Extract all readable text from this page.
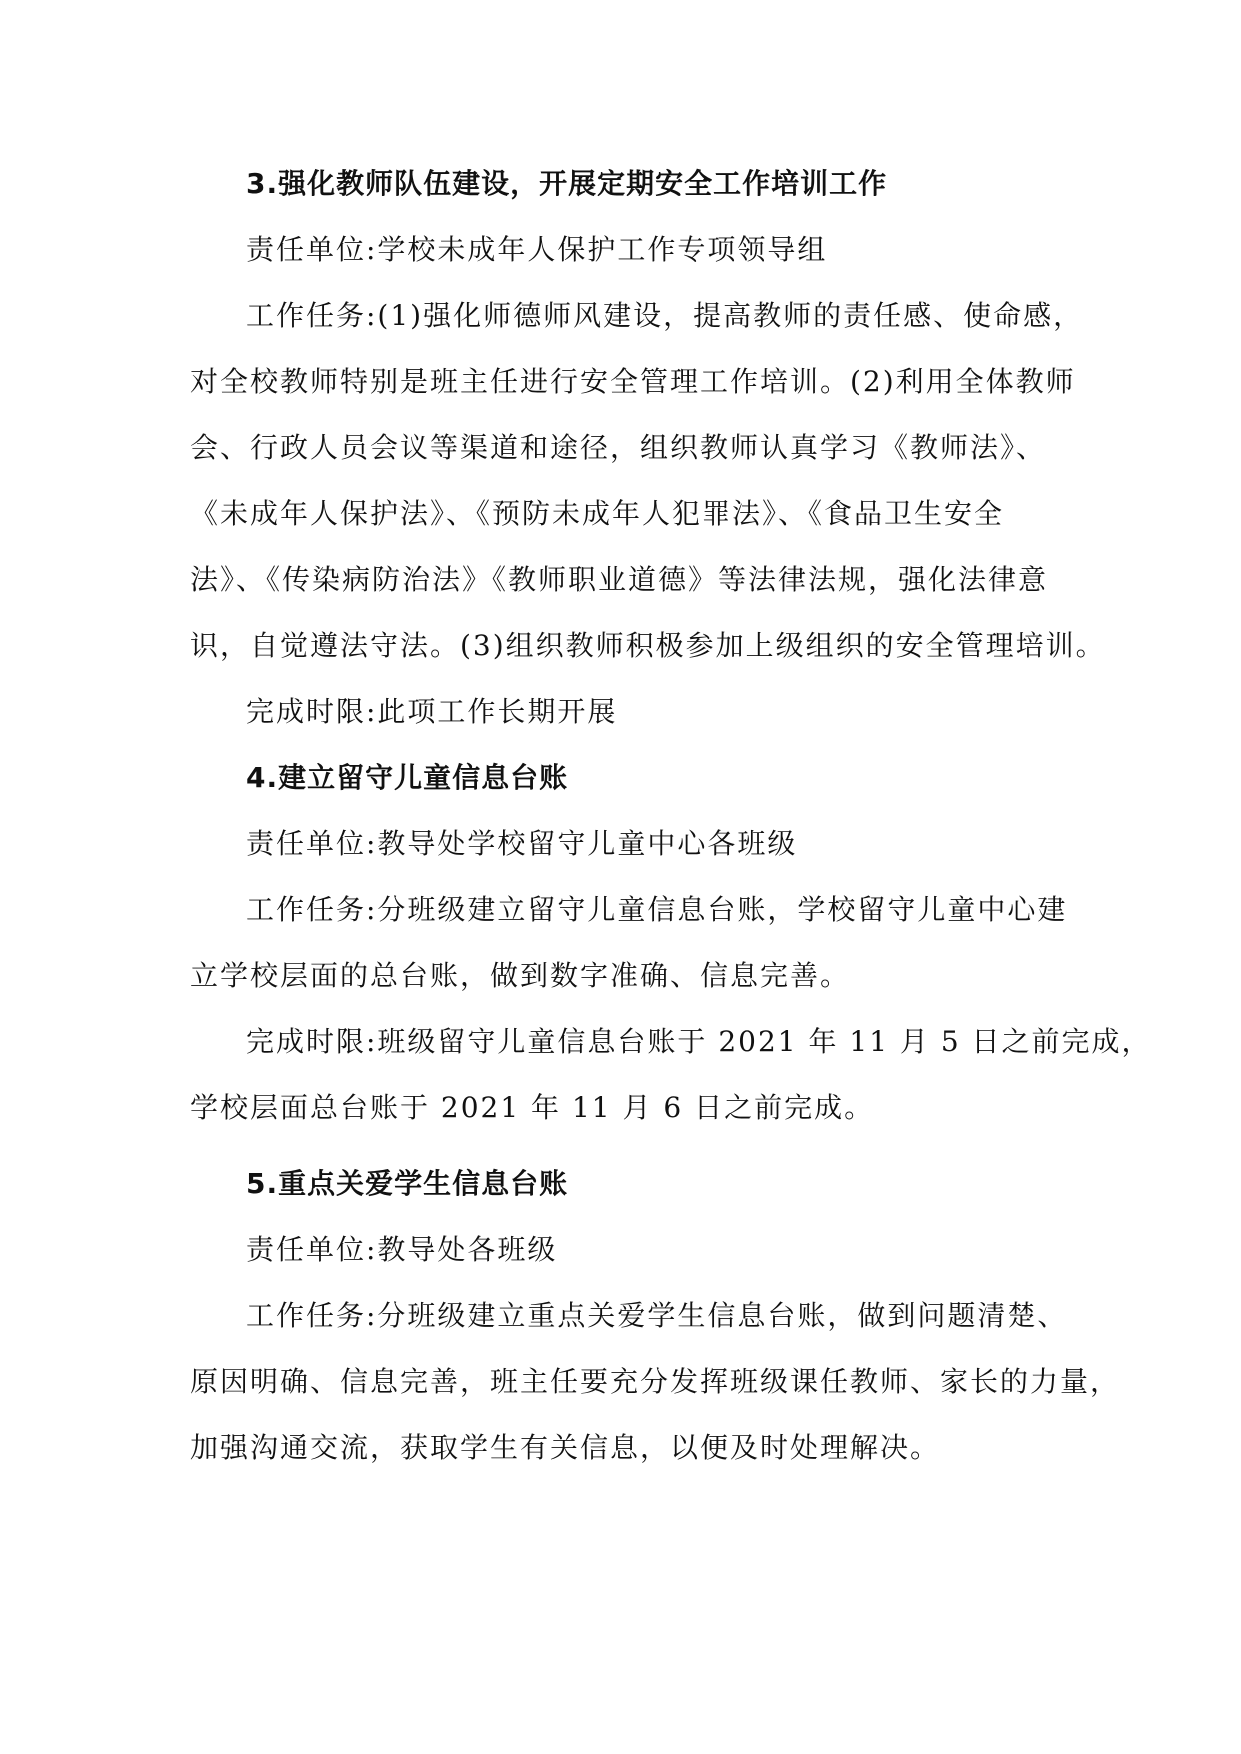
3.强化教师队伍建设，开展定期安全工作培训工作
责任单位:学校未成年人保护工作专项领导组
工作任务:(1)强化师德师风建设，提高教师的责任感、使命感，
对全校教师特别是班主任进行安全管理工作培训。(2)利用全体教师
会、行政人员会议等渠道和途径，组织教师认真学习《教师法》、
《未成年人保护法》、《预防未成年人犯罪法》、《食品卫生安全
法》、《传染病防治法》《教师职业道德》等法律法规，强化法律意
识，自觉遵法守法。(3)组织教师积极参加上级组织的安全管理培训。
完成时限:此项工作长期开展
4.建立留守儿童信息台账
责任单位:教导处学校留守儿童中心各班级
工作任务:分班级建立留守儿童信息台账，学校留守儿童中心建
立学校层面的总台账，做到数字准确、信息完善。
完成时限:班级留守儿童信息台账于 2021 年 11 月 5 日之前完成，
学校层面总台账于 2021 年 11 月 6 日之前完成。
5.重点关爱学生信息台账
责任单位:教导处各班级
工作任务:分班级建立重点关爱学生信息台账，做到问题清楚、
原因明确、信息完善，班主任要充分发挥班级课任教师、家长的力量，
加强沟通交流，获取学生有关信息，以便及时处理解决。
